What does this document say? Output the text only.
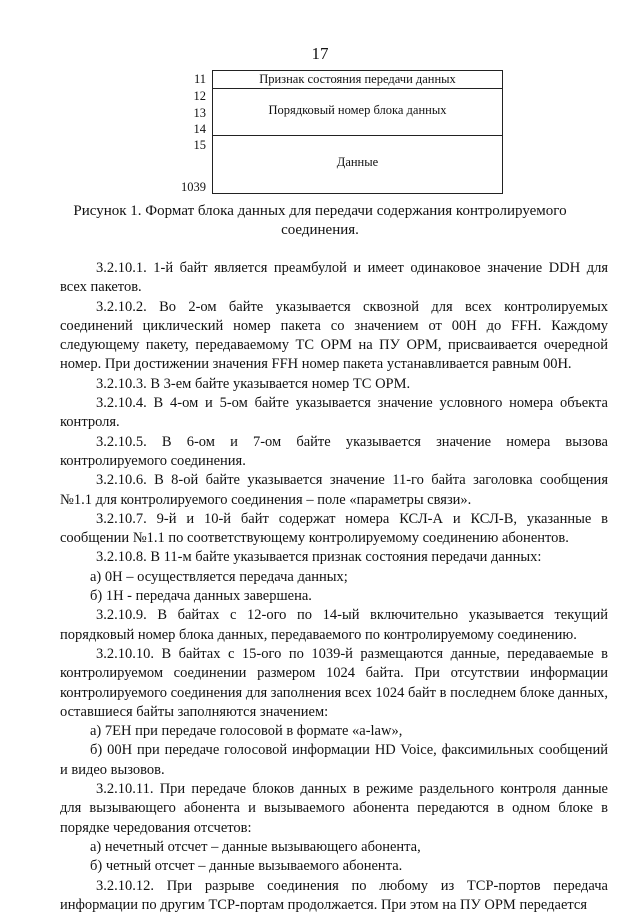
17
11
12
13
14
15
1039
Признак состояния передачи данных
Порядковый номер блока данных
Данные
Рисунок 1. Формат блока данных для передачи содержания контролируемого соединения.

3.2.10.1. 1-й байт является преамбулой и имеет одинаковое значение DDH для всех пакетов.

3.2.10.2. Во 2-ом байте указывается сквозной для всех контролируемых соединений циклический номер пакета со значением от 00H до FFH. Каждому следующему пакету, передаваемому ТС ОРМ на ПУ ОРМ, присваивается очередной номер. При достижении значения FFH номер пакета устанавливается равным 00H.

3.2.10.3. В 3-ем байте указывается номер ТС ОРМ.

3.2.10.4. В 4-ом и 5-ом байте указывается значение условного номера объекта контроля.

3.2.10.5. В 6-ом и 7-ом байте указывается значение номера вызова контролируемого соединения.

3.2.10.6. В 8-ой байте указывается значение 11-го байта заголовка сообщения №1.1 для контролируемого соединения – поле «параметры связи».

3.2.10.7. 9-й и 10-й байт содержат номера КСЛ-А и КСЛ-В, указанные в сообщении №1.1 по соответствующему контролируемому соединению абонентов.

3.2.10.8. В 11-м байте указывается признак состояния передачи данных:

а) 0H – осуществляется передача данных;

б) 1H - передача данных завершена.

3.2.10.9. В байтах с 12-ого по 14-ый включительно указывается текущий порядковый номер блока данных, передаваемого по контролируемому соединению.

3.2.10.10. В байтах с 15-ого по 1039-й размещаются данные, передаваемые в контролируемом соединении размером 1024 байта. При отсутствии информации контролируемого соединения для заполнения всех 1024 байт в последнем блоке данных, оставшиеся байты заполняются значением:

а) 7EH при передаче голосовой в формате «a-law»,

б) 00H при передаче голосовой информации HD Voice, факсимильных сообщений и видео вызовов.

3.2.10.11. При передаче блоков данных в режиме раздельного контроля данные для вызывающего абонента и вызываемого абонента передаются в одном блоке в порядке чередования отсчетов:

а) нечетный отсчет – данные вызывающего абонента,

б) четный отсчет – данные вызываемого абонента.

3.2.10.12. При разрыве соединения по любому из TCP-портов передача информации по другим TCP-портам продолжается. При этом на ПУ ОРМ передается
